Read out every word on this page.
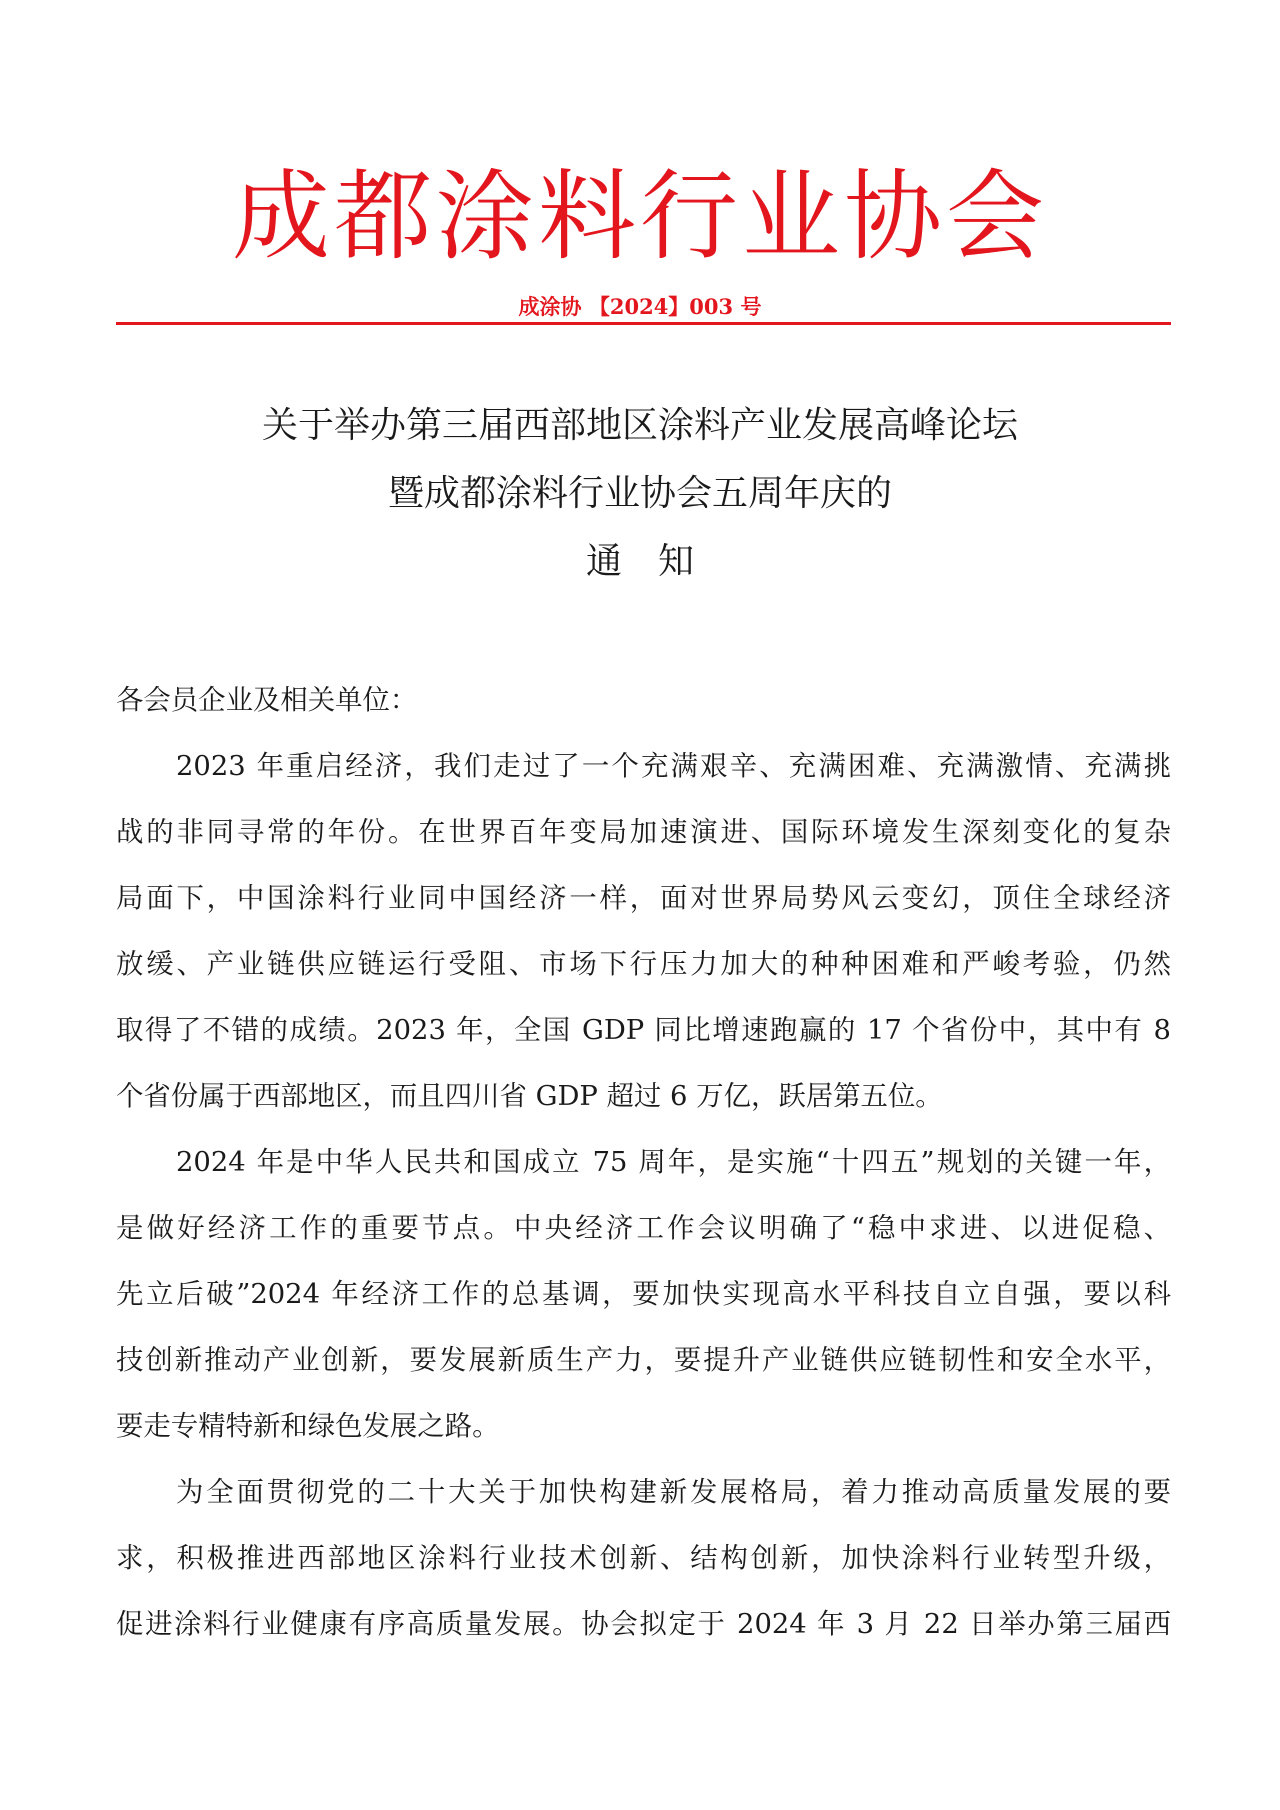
成都涂料行业协会
成涂协 【2024】003 号
关于举办第三届西部地区涂料产业发展高峰论坛
暨成都涂料行业协会五周年庆的
通知
各会员企业及相关单位：
2023 年重启经济，我们走过了一个充满艰辛、充满困难、充满激情、充满挑
战的非同寻常的年份。在世界百年变局加速演进、国际环境发生深刻变化的复杂
局面下，中国涂料行业同中国经济一样，面对世界局势风云变幻，顶住全球经济
放缓、产业链供应链运行受阻、市场下行压力加大的种种困难和严峻考验，仍然
取得了不错的成绩。2023 年，全国 GDP 同比增速跑赢的 17 个省份中，其中有 8
个省份属于西部地区，而且四川省 GDP 超过 6 万亿，跃居第五位。
2024 年是中华人民共和国成立 75 周年，是实施“十四五”规划的关键一年，
是做好经济工作的重要节点。中央经济工作会议明确了“稳中求进、以进促稳、
先立后破”2024 年经济工作的总基调，要加快实现高水平科技自立自强，要以科
技创新推动产业创新，要发展新质生产力，要提升产业链供应链韧性和安全水平，
要走专精特新和绿色发展之路。
为全面贯彻党的二十大关于加快构建新发展格局，着力推动高质量发展的要
求，积极推进西部地区涂料行业技术创新、结构创新，加快涂料行业转型升级，
促进涂料行业健康有序高质量发展。协会拟定于 2024 年 3 月 22 日举办第三届西
